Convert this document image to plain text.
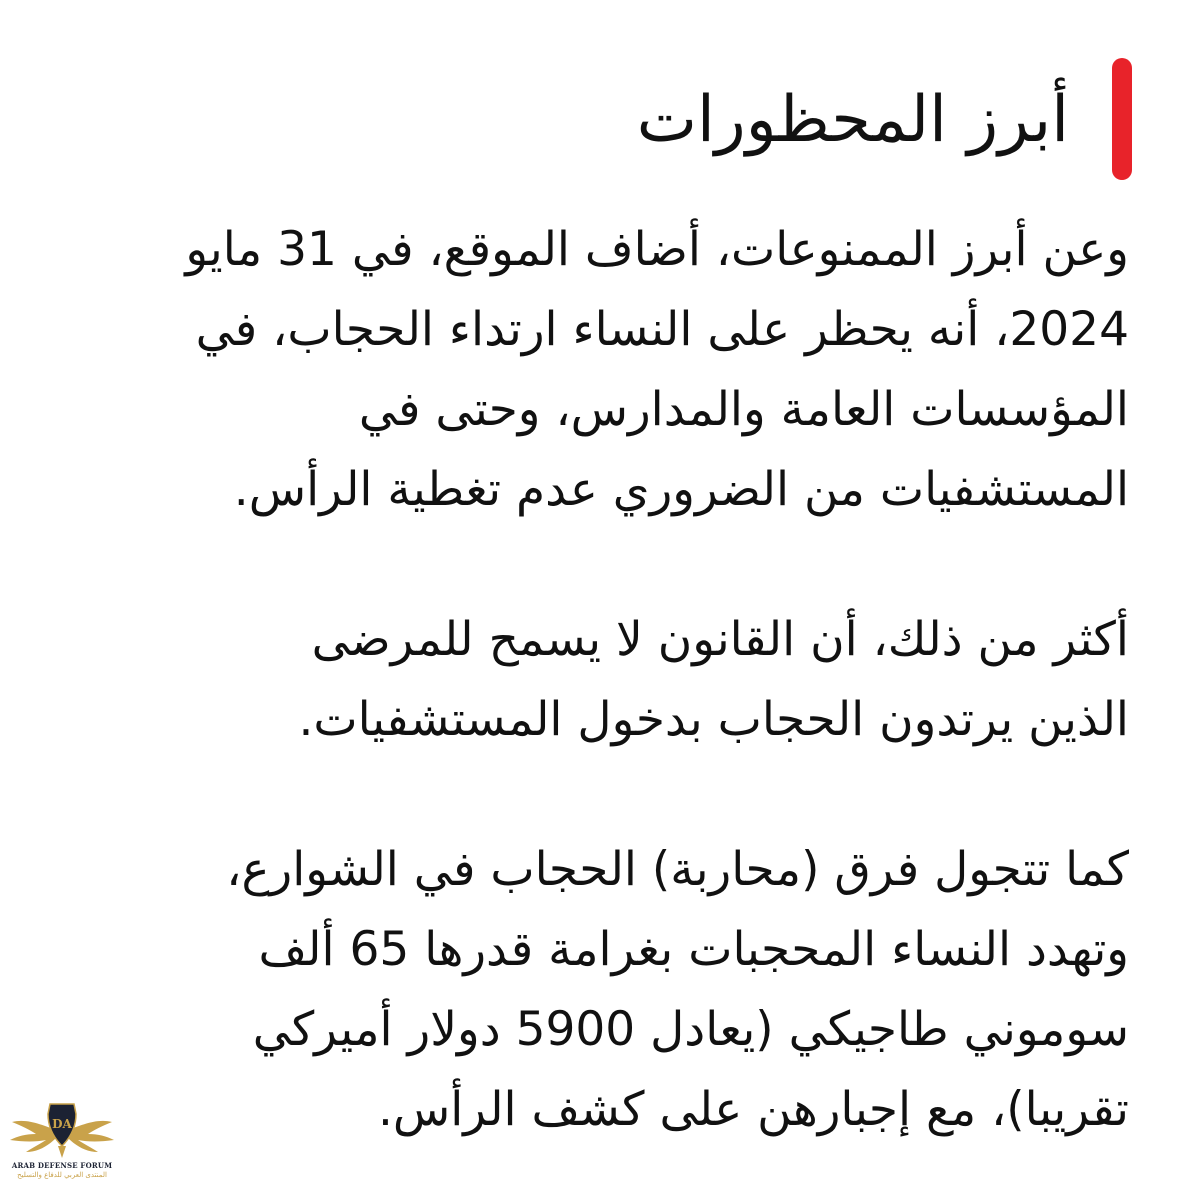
أبرز المحظورات

وعن أبرز الممنوعات، أضاف الموقع، في 31 مايو
2024، أنه يحظر على النساء ارتداء الحجاب، في
المؤسسات العامة والمدارس، وحتى في
المستشفيات من الضروري عدم تغطية الرأس.

أكثر من ذلك، أن القانون لا يسمح للمرضى
الذين يرتدون الحجاب بدخول المستشفيات.

كما تتجول فرق (محاربة) الحجاب في الشوارع،
وتهدد النساء المحجبات بغرامة قدرها 65 ألف
سوموني طاجيكي (يعادل 5900 دولار أميركي
تقريبا)، مع إجبارهن على كشف الرأس.

DA
ARAB DEFENSE FORUM
المنتدى العربي للدفاع والتسليح
